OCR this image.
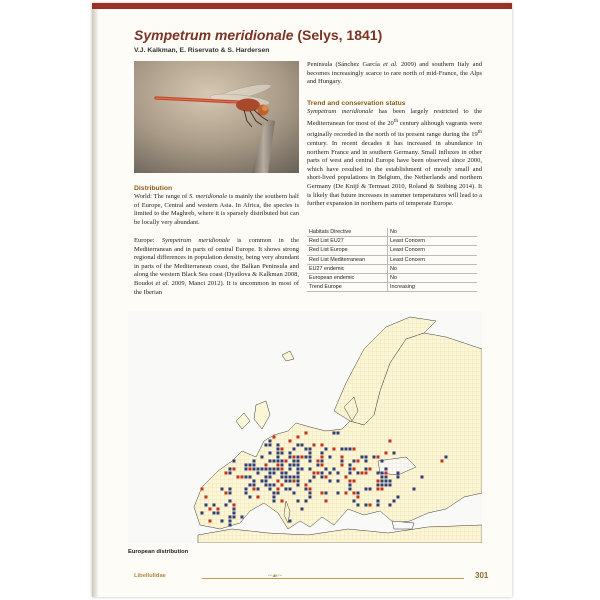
Sympetrum meridionale (Selys, 1841)
V.J. Kalkman, E. Riservato & S. Hardersen
Distribution

World: The range of S. meridionale is mainly the southern half of Europe, Central and western Asia. In Africa, the species is limited to the Maghreb, where it is sparsely distributed but can be locally very abundant.

Europe: Sympetrum meridionale is common in the Mediterranean and in parts of central Europe. It shows strong regional differences in population density, being very abundant in parts of the Mediterranean coast, the Balkan Peninsula and along the western Black Sea coast (Dyatlova & Kalkman 2008, Boudot et al. 2009, Manci 2012). It is uncommon in most of the Iberian

Peninsula (Sánchez García et al. 2009) and southern Italy and becomes increasingly scarce to rare north of mid-France, the Alps and Hungary.

Trend and conservation status

Sympetrum meridionale has been largely restricted to the Mediterranean for most of the 20th century although vagrants were originally recorded in the north of its present range during the 19th century. In recent decades it has increased in abundance in northern France and in southern Germany. Small influxes in other parts of west and central Europe have been observed since 2000, which have resulted in the establishment of mostly small and short-lived populations in Belgium, the Netherlands and northern Germany (De Knijf & Termaat 2010, Roland & Stübing 2014). It is likely that future increases in summer temperatures will lead to a further expansion in northern parts of temperate Europe.

Habitats Directive	No
Red List EU27	Least Concern
Red List Europe	Least Concern
Red List Mediterranean	Least Concern
EU27 endemic	No
European endemic	No
Trend Europe	Increasing
European distribution
Libellulidae	~☙~	301
